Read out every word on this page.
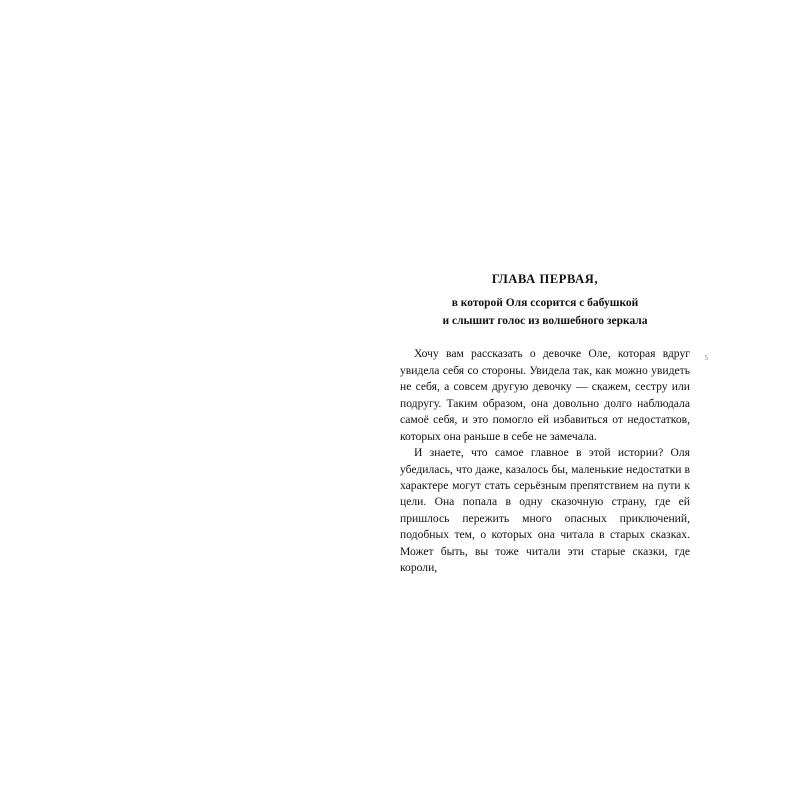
5
ГЛАВА ПЕРВАЯ,
в которой Оля ссорится с бабушкой
и слышит голос из волшебного зеркала

Хочу вам рассказать о девочке Оле, которая вдруг увидела себя со стороны. Увидела так, как можно увидеть не себя, а совсем другую девочку — скажем, сестру или подругу. Таким образом, она довольно долго наблюдала самоё себя, и это помогло ей избавиться от недостатков, которых она раньше в себе не замечала.

И знаете, что самое главное в этой истории? Оля убедилась, что даже, казалось бы, маленькие недостатки в характере могут стать серьёзным препятствием на пути к цели. Она попала в одну сказочную страну, где ей пришлось пережить много опасных приключений, подобных тем, о которых она читала в старых сказках. Может быть, вы тоже читали эти старые сказки, где короли,
